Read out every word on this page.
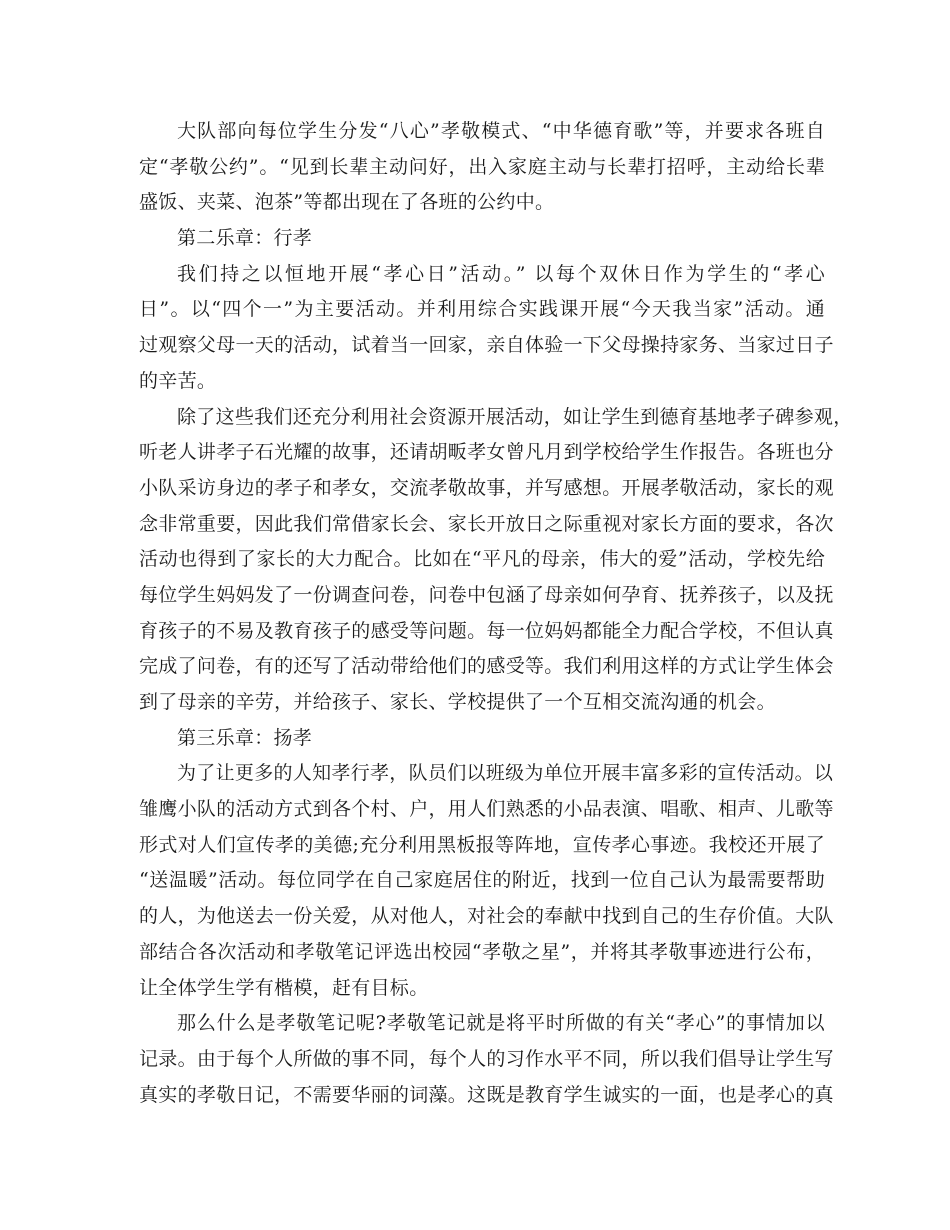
大队部向每位学生分发“八心”孝敬模式、“中华德育歌”等，并要求各班自
定“孝敬公约”。“见到长辈主动问好，出入家庭主动与长辈打招呼，主动给长辈
盛饭、夹菜、泡茶”等都出现在了各班的公约中。
第二乐章：行孝
我们持之以恒地开展“孝心日”活动。” 以每个双休日作为学生的“孝心
日”。以“四个一”为主要活动。并利用综合实践课开展“今天我当家”活动。通
过观察父母一天的活动，试着当一回家，亲自体验一下父母操持家务、当家过日子
的辛苦。
除了这些我们还充分利用社会资源开展活动，如让学生到德育基地孝子碑参观，
听老人讲孝子石光耀的故事，还请胡畈孝女曾凡月到学校给学生作报告。各班也分
小队采访身边的孝子和孝女，交流孝敬故事，并写感想。开展孝敬活动，家长的观
念非常重要，因此我们常借家长会、家长开放日之际重视对家长方面的要求，各次
活动也得到了家长的大力配合。比如在“平凡的母亲，伟大的爱”活动，学校先给
每位学生妈妈发了一份调查问卷，问卷中包涵了母亲如何孕育、抚养孩子，以及抚
育孩子的不易及教育孩子的感受等问题。每一位妈妈都能全力配合学校，不但认真
完成了问卷，有的还写了活动带给他们的感受等。我们利用这样的方式让学生体会
到了母亲的辛劳，并给孩子、家长、学校提供了一个互相交流沟通的机会。
第三乐章：扬孝
为了让更多的人知孝行孝，队员们以班级为单位开展丰富多彩的宣传活动。以
雏鹰小队的活动方式到各个村、户，用人们熟悉的小品表演、唱歌、相声、儿歌等
形式对人们宣传孝的美德;充分利用黑板报等阵地，宣传孝心事迹。我校还开展了
“送温暖”活动。每位同学在自己家庭居住的附近，找到一位自己认为最需要帮助
的人，为他送去一份关爱，从对他人，对社会的奉献中找到自己的生存价值。大队
部结合各次活动和孝敬笔记评选出校园“孝敬之星”，并将其孝敬事迹进行公布，
让全体学生学有楷模，赶有目标。
那么什么是孝敬笔记呢?孝敬笔记就是将平时所做的有关“孝心”的事情加以
记录。由于每个人所做的事不同，每个人的习作水平不同，所以我们倡导让学生写
真实的孝敬日记，不需要华丽的词藻。这既是教育学生诚实的一面，也是孝心的真
